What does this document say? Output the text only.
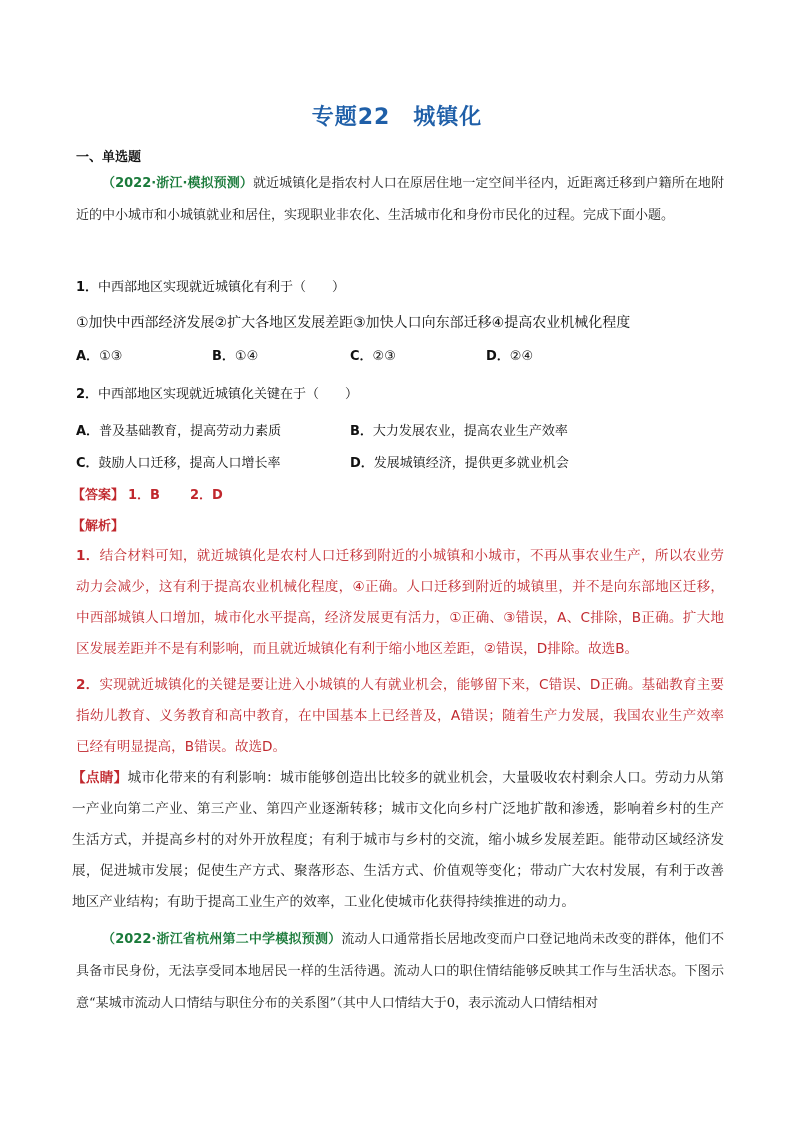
专题22　城镇化
一、单选题
（2022·浙江·模拟预测）就近城镇化是指农村人口在原居住地一定空间半径内，近距离迁移到户籍所在地附近的中小城市和小城镇就业和居住，实现职业非农化、生活城市化和身份市民化的过程。完成下面小题。
1．中西部地区实现就近城镇化有利于（　　）
①加快中西部经济发展②扩大各地区发展差距③加快人口向东部迁移④提高农业机械化程度
A．①③	B．①④	C．②③	D．②④
2．中西部地区实现就近城镇化关键在于（　　）
A．普及基础教育，提高劳动力素质	B．大力发展农业，提高农业生产效率
C．鼓励人口迁移，提高人口增长率	D．发展城镇经济，提供更多就业机会
【答案】 1．B 2．D
【解析】
1．结合材料可知，就近城镇化是农村人口迁移到附近的小城镇和小城市，不再从事农业生产，所以农业劳动力会减少，这有利于提高农业机械化程度，④正确。人口迁移到附近的城镇里，并不是向东部地区迁移，中西部城镇人口增加，城市化水平提高，经济发展更有活力，①正确、③错误，A、C排除，B正确。扩大地区发展差距并不是有利影响，而且就近城镇化有利于缩小地区差距，②错误，D排除。故选B。
2．实现就近城镇化的关键是要让进入小城镇的人有就业机会，能够留下来，C错误、D正确。基础教育主要指幼儿教育、义务教育和高中教育，在中国基本上已经普及，A错误；随着生产力发展，我国农业生产效率已经有明显提高，B错误。故选D。
【点睛】城市化带来的有利影响：城市能够创造出比较多的就业机会，大量吸收农村剩余人口。劳动力从第一产业向第二产业、第三产业、第四产业逐渐转移；城市文化向乡村广泛地扩散和渗透，影响着乡村的生产生活方式，并提高乡村的对外开放程度；有利于城市与乡村的交流，缩小城乡发展差距。能带动区域经济发展，促进城市发展；促使生产方式、聚落形态、生活方式、价值观等变化；带动广大农村发展，有利于改善地区产业结构；有助于提高工业生产的效率，工业化使城市化获得持续推进的动力。
（2022·浙江省杭州第二中学模拟预测）流动人口通常指长居地改变而户口登记地尚未改变的群体，他们不具备市民身份，无法享受同本地居民一样的生活待遇。流动人口的职住情结能够反映其工作与生活状态。下图示意“某城市流动人口情结与职住分布的关系图”（其中人口情结大于0，表示流动人口情结相对
